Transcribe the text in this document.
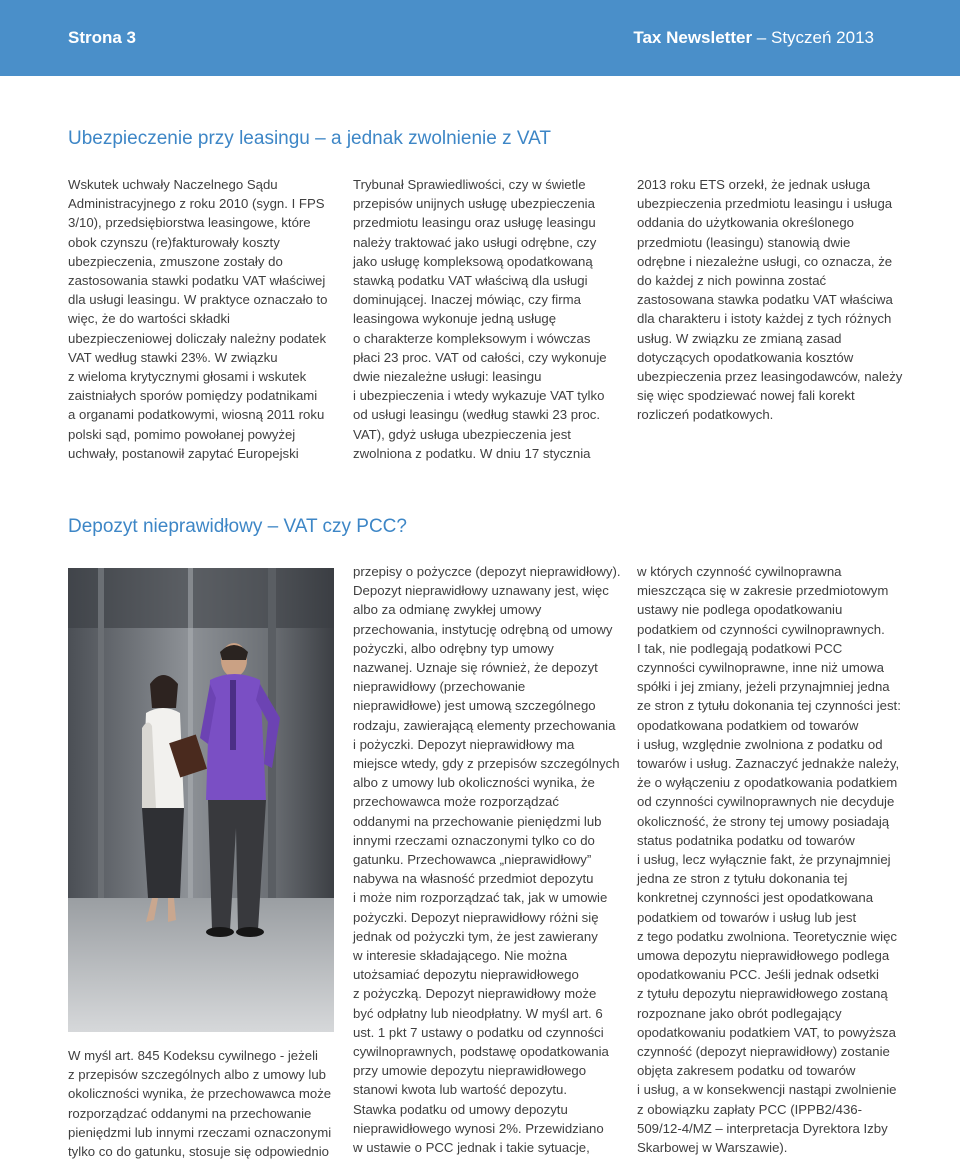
Strona 3	Tax Newsletter – Styczeń 2013
Ubezpieczenie przy leasingu – a jednak zwolnienie z VAT
Wskutek uchwały Naczelnego Sądu
Administracyjnego z roku 2010 (sygn. I FPS
3/10), przedsiębiorstwa leasingowe, które
obok czynszu (re)fakturowały koszty
ubezpieczenia, zmuszone zostały do
zastosowania stawki podatku VAT właściwej
dla usługi leasingu. W praktyce oznaczało to
więc, że do wartości składki
ubezpieczeniowej doliczały należny podatek
VAT według stawki 23%. W związku
z wieloma krytycznymi głosami i wskutek
zaistniałych sporów pomiędzy podatnikami
a organami podatkowymi, wiosną 2011 roku
polski sąd, pomimo powołanej powyżej
uchwały, postanowił zapytać Europejski
Trybunał Sprawiedliwości, czy w świetle
przepisów unijnych usługę ubezpieczenia
przedmiotu leasingu oraz usługę leasingu
należy traktować jako usługi odrębne, czy
jako usługę kompleksową opodatkowaną
stawką podatku VAT właściwą dla usługi
dominującej. Inaczej mówiąc, czy firma
leasingowa wykonuje jedną usługę
o charakterze kompleksowym i wówczas
płaci 23 proc. VAT od całości, czy wykonuje
dwie niezależne usługi: leasingu
i ubezpieczenia i wtedy wykazuje VAT tylko
od usługi leasingu (według stawki 23 proc.
VAT), gdyż usługa ubezpieczenia jest
zwolniona z podatku. W dniu 17 stycznia
2013 roku ETS orzekł, że jednak usługa
ubezpieczenia przedmiotu leasingu i usługa
oddania do użytkowania określonego
przedmiotu (leasingu) stanowią dwie
odrębne i niezależne usługi, co oznacza, że
do każdej z nich powinna zostać
zastosowana stawka podatku VAT właściwa
dla charakteru i istoty każdej z tych różnych
usług. W związku ze zmianą zasad
dotyczących opodatkowania kosztów
ubezpieczenia przez leasingodawców, należy
się więc spodziewać nowej fali korekt
rozliczeń podatkowych.
Depozyt nieprawidłowy – VAT czy PCC?
W myśl art. 845 Kodeksu cywilnego - jeżeli
z przepisów szczególnych albo z umowy lub
okoliczności wynika, że przechowawca może
rozporządzać oddanymi na przechowanie
pieniędzmi lub innymi rzeczami oznaczonymi
tylko co do gatunku, stosuje się odpowiednio
przepisy o pożyczce (depozyt nieprawidłowy).
Depozyt nieprawidłowy uznawany jest, więc
albo za odmianę zwykłej umowy
przechowania, instytucję odrębną od umowy
pożyczki, albo odrębny typ umowy
nazwanej. Uznaje się również, że depozyt
nieprawidłowy (przechowanie
nieprawidłowe) jest umową szczególnego
rodzaju, zawierającą elementy przechowania
i pożyczki. Depozyt nieprawidłowy ma
miejsce wtedy, gdy z przepisów szczególnych
albo z umowy lub okoliczności wynika, że
przechowawca może rozporządzać
oddanymi na przechowanie pieniędzmi lub
innymi rzeczami oznaczonymi tylko co do
gatunku. Przechowawca „nieprawidłowy”
nabywa na własność przedmiot depozytu
i może nim rozporządzać tak, jak w umowie
pożyczki. Depozyt nieprawidłowy różni się
jednak od pożyczki tym, że jest zawierany
w interesie składającego. Nie można
utożsamiać depozytu nieprawidłowego
z pożyczką. Depozyt nieprawidłowy może
być odpłatny lub nieodpłatny. W myśl art. 6
ust. 1 pkt 7 ustawy o podatku od czynności
cywilnoprawnych, podstawę opodatkowania
przy umowie depozytu nieprawidłowego
stanowi kwota lub wartość depozytu.
Stawka podatku od umowy depozytu
nieprawidłowego wynosi 2%. Przewidziano
w ustawie o PCC jednak i takie sytuacje,
w których czynność cywilnoprawna
mieszcząca się w zakresie przedmiotowym
ustawy nie podlega opodatkowaniu
podatkiem od czynności cywilnoprawnych.
I tak, nie podlegają podatkowi PCC
czynności cywilnoprawne, inne niż umowa
spółki i jej zmiany, jeżeli przynajmniej jedna
ze stron z tytułu dokonania tej czynności jest:
opodatkowana podatkiem od towarów
i usług, względnie zwolniona z podatku od
towarów i usług. Zaznaczyć jednakże należy,
że o wyłączeniu z opodatkowania podatkiem
od czynności cywilnoprawnych nie decyduje
okoliczność, że strony tej umowy posiadają
status podatnika podatku od towarów
i usług, lecz wyłącznie fakt, że przynajmniej
jedna ze stron z tytułu dokonania tej
konkretnej czynności jest opodatkowana
podatkiem od towarów i usług lub jest
z tego podatku zwolniona. Teoretycznie więc
umowa depozytu nieprawidłowego podlega
opodatkowaniu PCC. Jeśli jednak odsetki
z tytułu depozytu nieprawidłowego zostaną
rozpoznane jako obrót podlegający
opodatkowaniu podatkiem VAT, to powyższa
czynność (depozyt nieprawidłowy) zostanie
objęta zakresem podatku od towarów
i usług, a w konsekwencji nastąpi zwolnienie
z obowiązku zapłaty PCC (IPPB2/436-
509/12-4/MZ – interpretacja Dyrektora Izby
Skarbowej w Warszawie).
